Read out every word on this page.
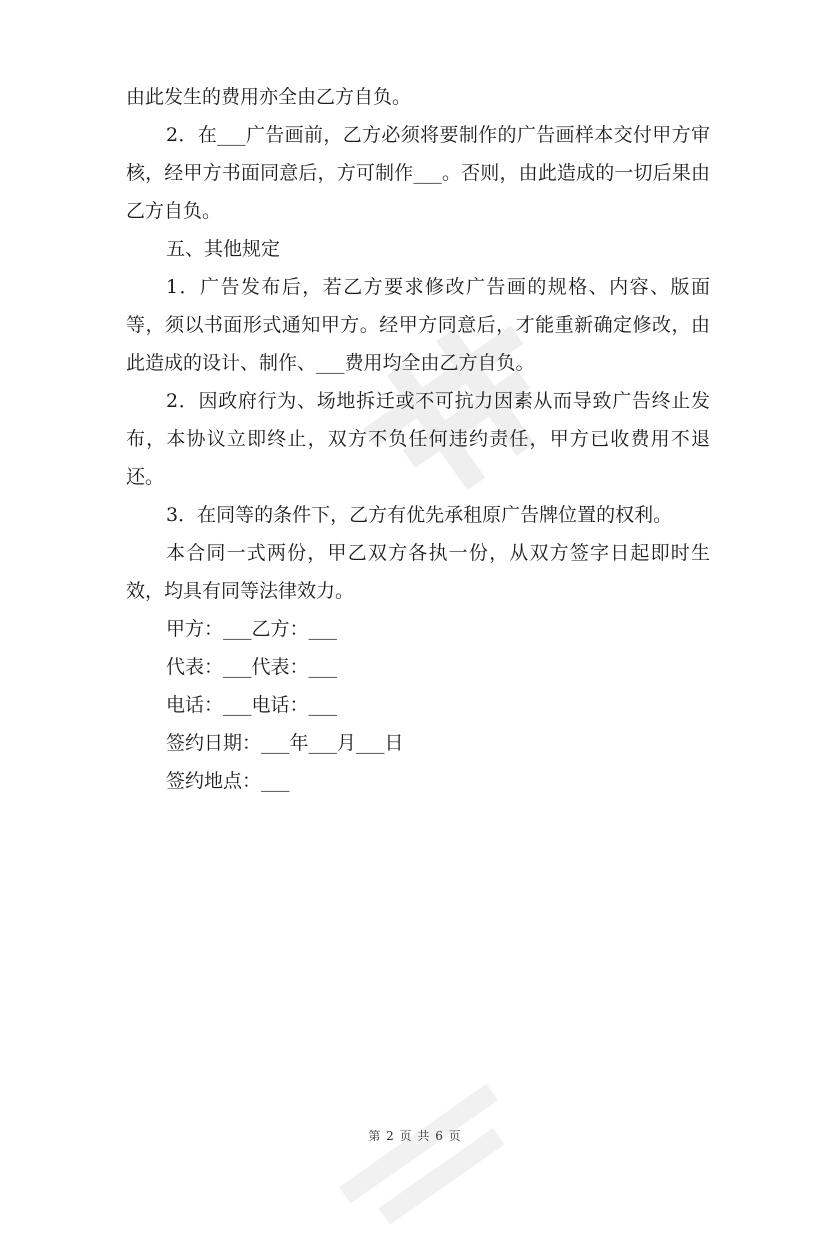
由此发生的费用亦全由乙方自负。

2．在___广告画前，乙方必须将要制作的广告画样本交付甲方审核，经甲方书面同意后，方可制作___。否则，由此造成的一切后果由乙方自负。

五、其他规定

1．广告发布后，若乙方要求修改广告画的规格、内容、版面等，须以书面形式通知甲方。经甲方同意后，才能重新确定修改，由此造成的设计、制作、___费用均全由乙方自负。

2．因政府行为、场地拆迁或不可抗力因素从而导致广告终止发布，本协议立即终止，双方不负任何违约责任，甲方已收费用不退还。

3．在同等的条件下，乙方有优先承租原广告牌位置的权利。

本合同一式两份，甲乙双方各执一份，从双方签字日起即时生效，均具有同等法律效力。

甲方：___乙方：___

代表：___代表：___

电话：___电话：___

签约日期：___年___月___日

签约地点：___

第 2 页 共 6 页
